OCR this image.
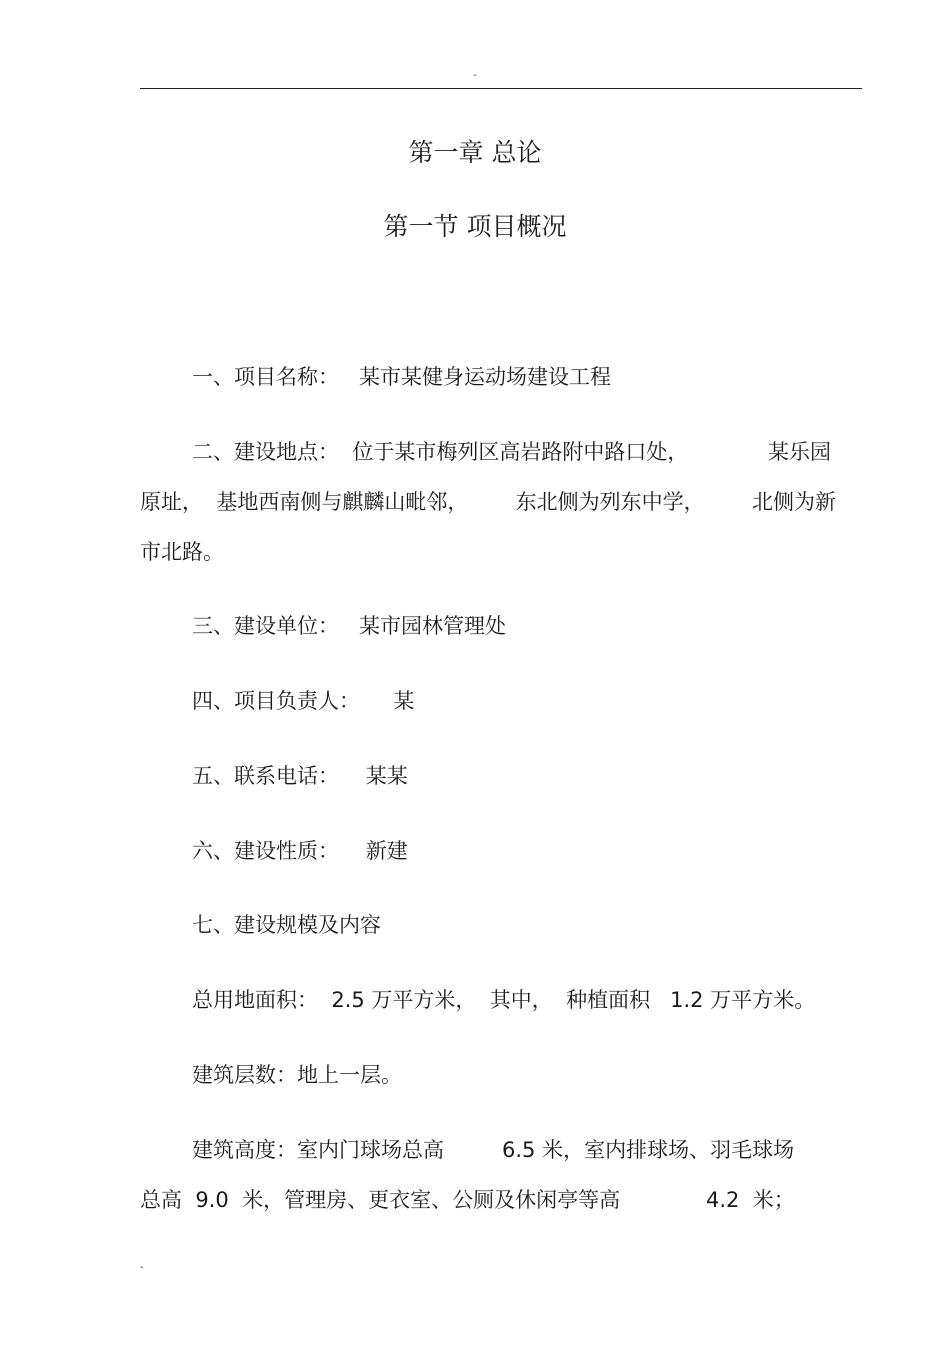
-
第一章 总论
第一节 项目概况
一、项目名称：   某市某健身运动场建设工程
二、建设地点：  位于某市梅列区高岩路附中路口处，	某乐园
原址，  基地西南侧与麒麟山毗邻， 东北侧为列东中学， 北侧为新
市北路。
三、建设单位：   某市园林管理处
四、项目负责人：     某
五、联系电话：    某某
六、建设性质：    新建
七、建设规模及内容
总用地面积：  2.5 万平方米，  其中，  种植面积   1.2 万平方米。
建筑层数：地上一层。
建筑高度：室内门球场总高	6.5 米，室内排球场、羽毛球场
总高  9.0  米，管理房、更衣室、公厕及休闲亭等高	4.2  米；
-
